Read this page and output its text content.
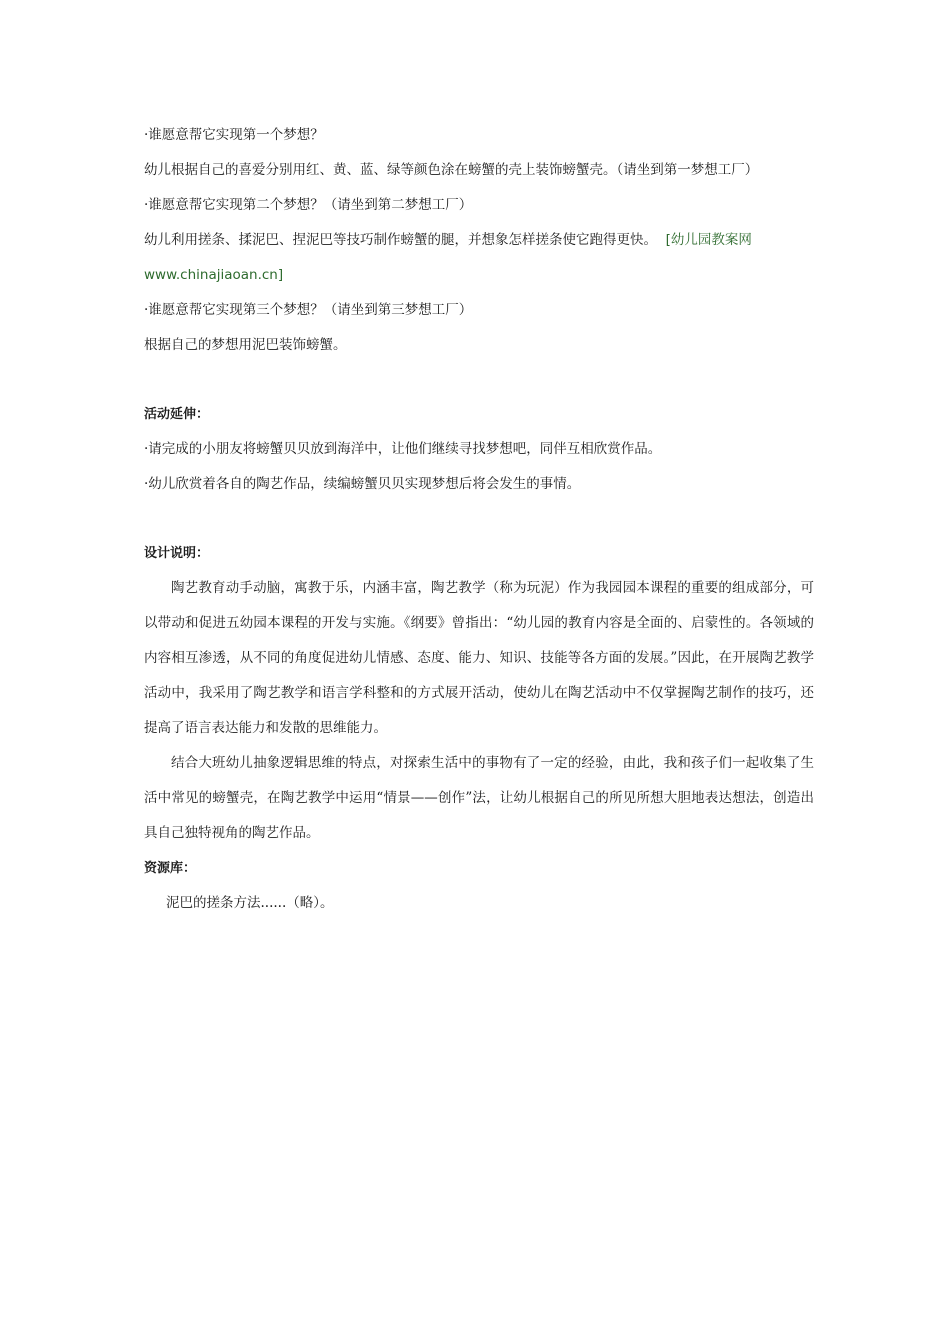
·谁愿意帮它实现第一个梦想？
幼儿根据自己的喜爱分别用红、黄、蓝、绿等颜色涂在螃蟹的壳上装饰螃蟹壳。（请坐到第一梦想工厂）
·谁愿意帮它实现第二个梦想？（请坐到第二梦想工厂）
幼儿利用搓条、揉泥巴、捏泥巴等技巧制作螃蟹的腿，并想象怎样搓条使它跑得更快。 [幼儿园教案网
www.chinajiaoan.cn]
·谁愿意帮它实现第三个梦想？（请坐到第三梦想工厂）
根据自己的梦想用泥巴装饰螃蟹。
活动延伸：
·请完成的小朋友将螃蟹贝贝放到海洋中，让他们继续寻找梦想吧，同伴互相欣赏作品。
·幼儿欣赏着各自的陶艺作品，续编螃蟹贝贝实现梦想后将会发生的事情。
设计说明：

陶艺教育动手动脑，寓教于乐，内涵丰富，陶艺教学（称为玩泥）作为我园园本课程的重要的组成部分，可以带动和促进五幼园本课程的开发与实施。《纲要》曾指出：“幼儿园的教育内容是全面的、启蒙性的。各领域的内容相互渗透，从不同的角度促进幼儿情感、态度、能力、知识、技能等各方面的发展。”因此，在开展陶艺教学活动中，我采用了陶艺教学和语言学科整和的方式展开活动，使幼儿在陶艺活动中不仅掌握陶艺制作的技巧，还提高了语言表达能力和发散的思维能力。

结合大班幼儿抽象逻辑思维的特点，对探索生活中的事物有了一定的经验，由此，我和孩子们一起收集了生活中常见的螃蟹壳，在陶艺教学中运用“情景——创作”法，让幼儿根据自己的所见所想大胆地表达想法，创造出具自己独特视角的陶艺作品。

资源库：
泥巴的搓条方法......（略）。
